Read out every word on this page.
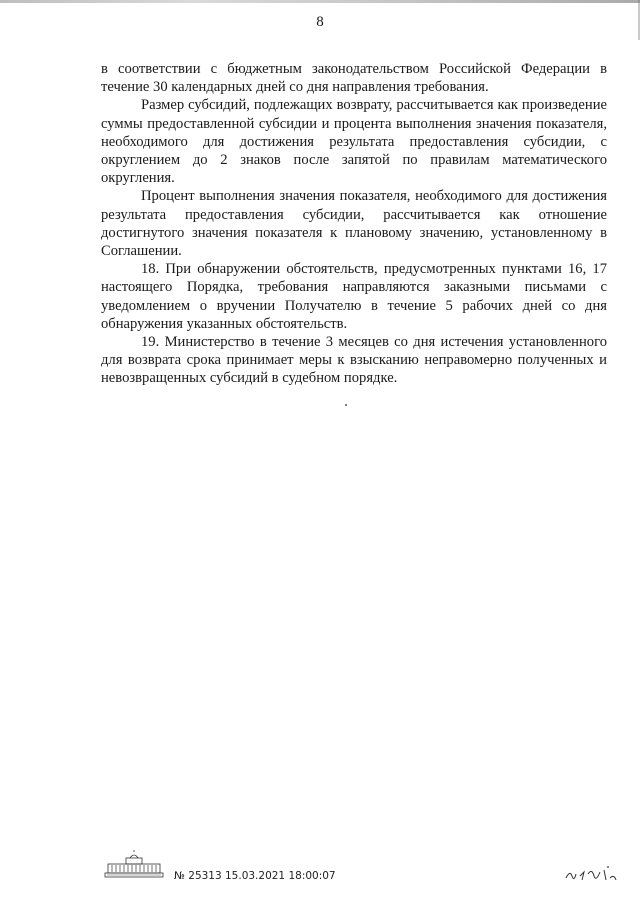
8

в соответствии с бюджетным законодательством Российской Федерации в течение 30 календарных дней со дня направления требования.

Размер субсидий, подлежащих возврату, рассчитывается как произведение суммы предоставленной субсидии и процента выполнения значения показателя, необходимого для достижения результата предоставления субсидии, с округлением до 2 знаков после запятой по правилам математического округления.

Процент выполнения значения показателя, необходимого для достижения результата предоставления субсидии, рассчитывается как отношение достигнутого значения показателя к плановому значению, установленному в Соглашении.

18. При обнаружении обстоятельств, предусмотренных пунктами 16, 17 настоящего Порядка, требования направляются заказными письмами с уведомлением о вручении Получателю в течение 5 рабочих дней со дня обнаружения указанных обстоятельств.

19. Министерство в течение 3 месяцев со дня истечения установленного для возврата срока принимает меры к взысканию неправомерно полученных и невозвращенных субсидий в судебном порядке.

№ 25313 15.03.2021 18:00:07
